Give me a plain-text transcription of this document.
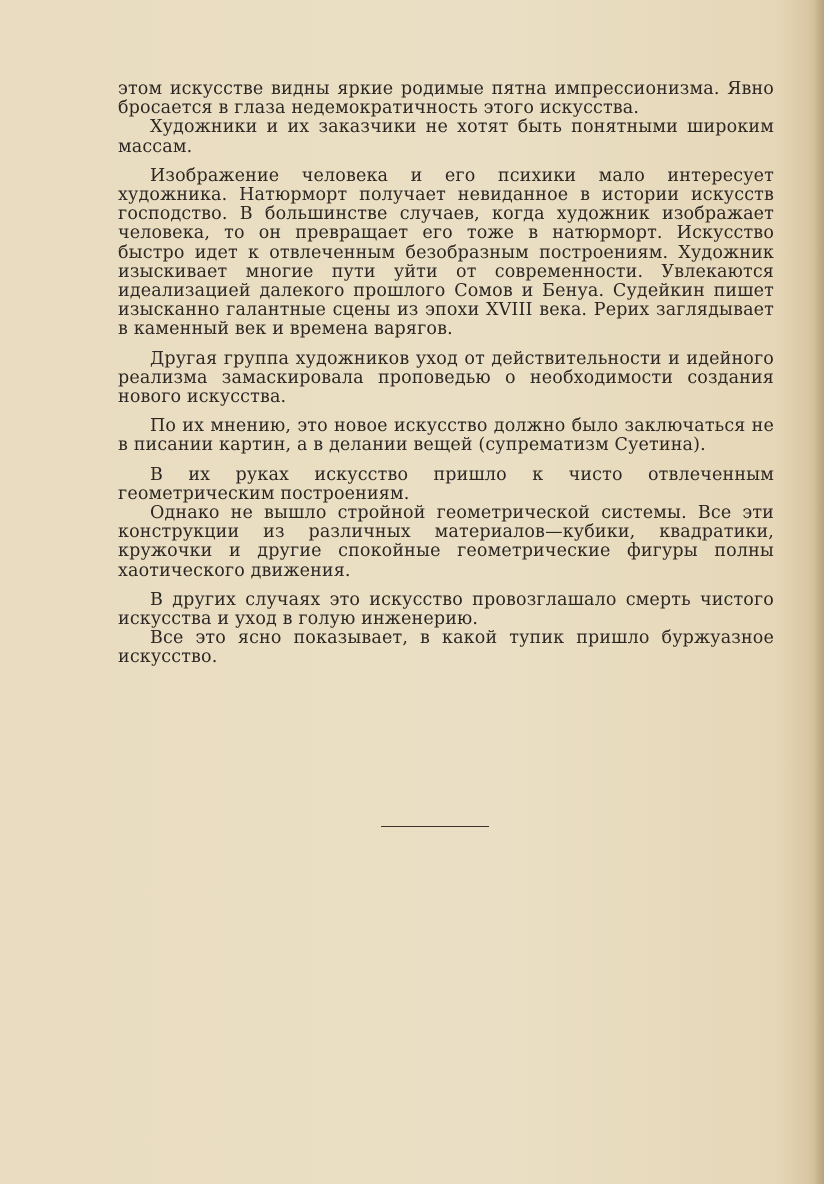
этом искусстве видны яркие родимые пятна импрессионизма. Явно бросается в глаза недемократичность этого искусства.

Художники и их заказчики не хотят быть понятными широким массам.

Изображение человека и его психики мало интересует художника. Натюрморт получает невиданное в истории искусств господство. В большинстве случаев, когда художник изображает человека, то он превращает его тоже в натюрморт. Искусство быстро идет к отвлеченным безобразным построениям. Художник изыскивает многие пути уйти от современности. Увлекаются идеализацией далекого прошлого Сомов и Бенуа. Судейкин пишет изысканно галантные сцены из эпохи XVIII века. Рерих заглядывает в каменный век и времена варягов.

Другая группа художников уход от действительности и идейного реализма замаскировала проповедью о необходимости создания нового искусства.

По их мнению, это новое искусство должно было заключаться не в писании картин, а в делании вещей (супрематизм Суетина).

В их руках искусство пришло к чисто отвлеченным геометрическим построениям.

Однако не вышло стройной геометрической системы. Все эти конструкции из различных материалов—кубики, квадратики, кружочки и другие спокойные геометрические фигуры полны хаотического движения.

В других случаях это искусство провозглашало смерть чистого искусства и уход в голую инженерию.

Все это ясно показывает, в какой тупик пришло буржуазное искусство.
